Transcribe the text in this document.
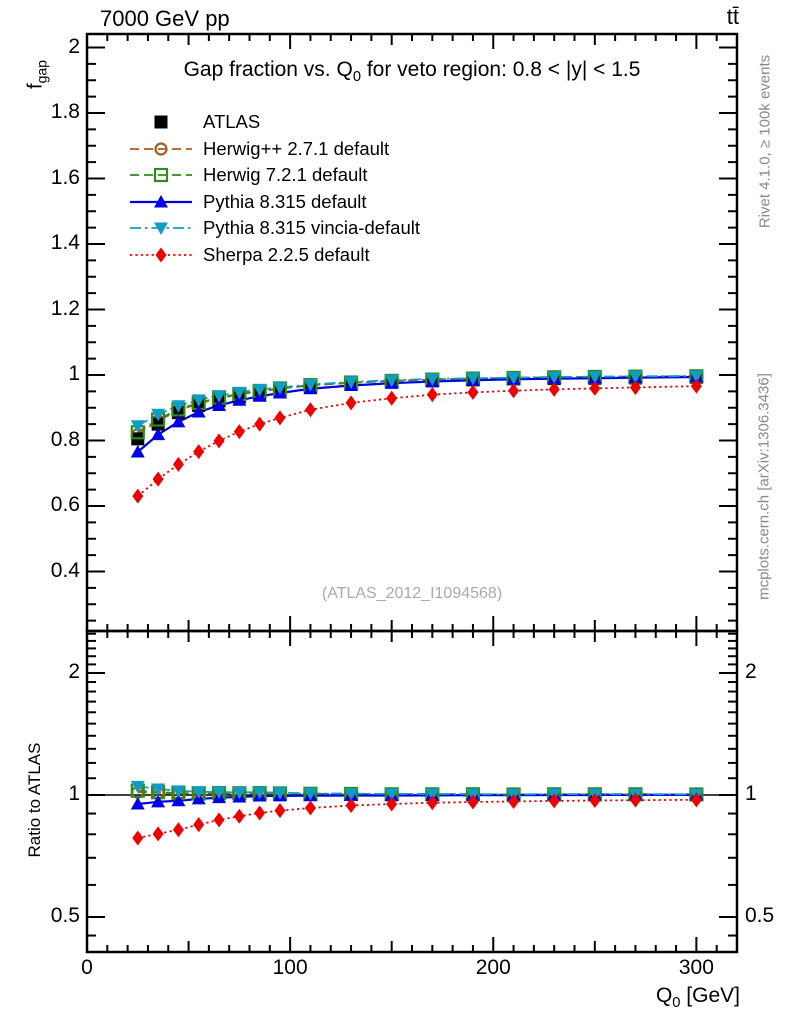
7000 GeV pp	tt̄
Gap fraction vs. $Q_0$ for veto region: 0.8 < |y| < 1.5
$f_{gap}$
Ratio to ATLAS
$Q_0$ [GeV]
Rivet 4.1.0, ≥ 100k events
mcplots.cern.ch [arXiv:1306.3436]
(ATLAS_2012_I1094568)
ATLAS
Herwig++ 2.7.1 default
Herwig 7.2.1 default
Pythia 8.315 default
Pythia 8.315 vincia-default
Sherpa 2.2.5 default
0.4
0.6
0.8
1
1.2
1.4
1.6
1.8
2
0.5	0.5
1	1
2	2
0	100	200	300
